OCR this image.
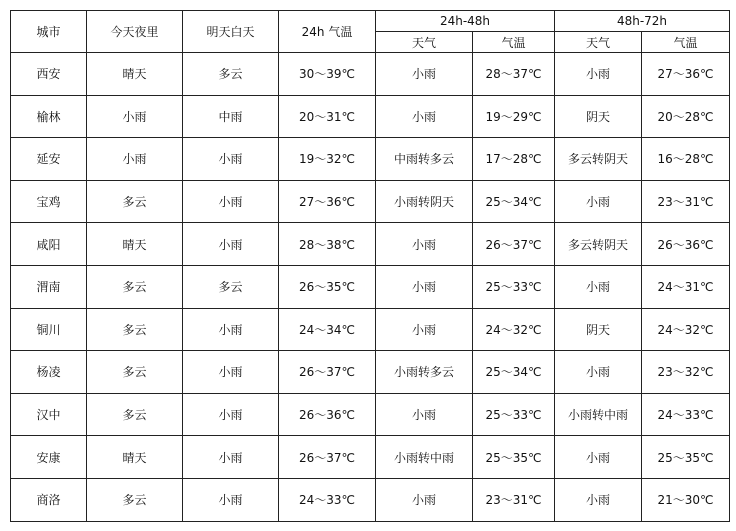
城市	今天夜里	明天白天	24h 气温	24h-48h		48h-72h	
				天气	气温	天气	气温
西安	晴天	多云	30～39℃	小雨	28～37℃	小雨	27～36℃
榆林	小雨	中雨	20～31℃	小雨	19～29℃	阴天	20～28℃
延安	小雨	小雨	19～32℃	中雨转多云	17～28℃	多云转阴天	16～28℃
宝鸡	多云	小雨	27～36℃	小雨转阴天	25～34℃	小雨	23～31℃
咸阳	晴天	小雨	28～38℃	小雨	26～37℃	多云转阴天	26～36℃
渭南	多云	多云	26～35℃	小雨	25～33℃	小雨	24～31℃
铜川	多云	小雨	24～34℃	小雨	24～32℃	阴天	24～32℃
杨凌	多云	小雨	26～37℃	小雨转多云	25～34℃	小雨	23～32℃
汉中	多云	小雨	26～36℃	小雨	25～33℃	小雨转中雨	24～33℃
安康	晴天	小雨	26～37℃	小雨转中雨	25～35℃	小雨	25～35℃
商洛	多云	小雨	24～33℃	小雨	23～31℃	小雨	21～30℃
